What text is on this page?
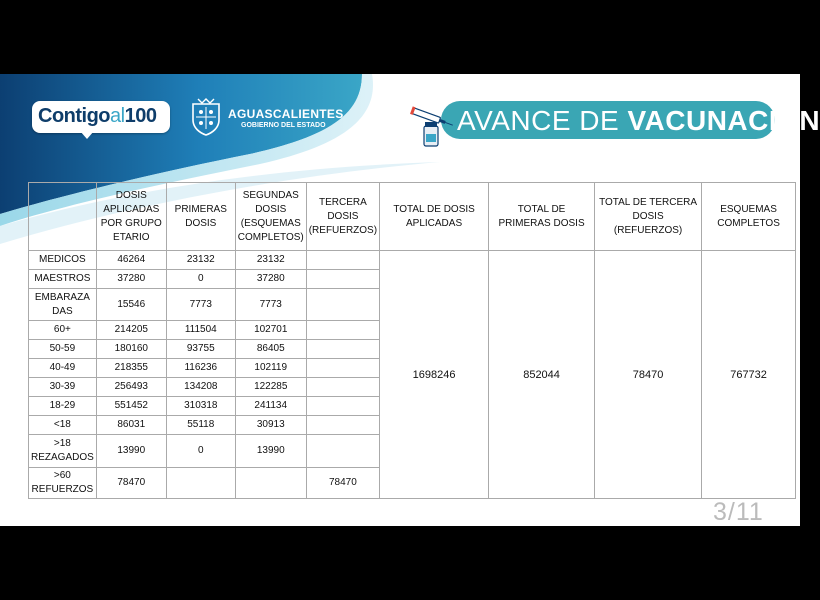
Contigoal100	AGUASCALIENTES
GOBIERNO DEL ESTADO	AVANCE DE VACUNACIÓN
	DOSIS APLICADAS POR GRUPO ETARIO	PRIMERAS DOSIS	SEGUNDAS DOSIS (ESQUEMAS COMPLETOS)	TERCERA DOSIS (REFUERZOS)	TOTAL DE DOSIS APLICADAS	TOTAL DE PRIMERAS DOSIS	TOTAL DE TERCERA DOSIS (REFUERZOS)	ESQUEMAS COMPLETOS
MEDICOS	46264	23132	23132		1698246	852044	78470	767732
MAESTROS	37280	0	37280					
EMBARAZA DAS	15546	7773	7773					
60+	214205	111504	102701					
50-59	180160	93755	86405					
40-49	218355	116236	102119					
30-39	256493	134208	122285					
18-29	551452	310318	241134					
<18	86031	55118	30913					
>18 REZAGADOS	13990	0	13990					
>60 REFUERZOS	78470			78470				
3/11
